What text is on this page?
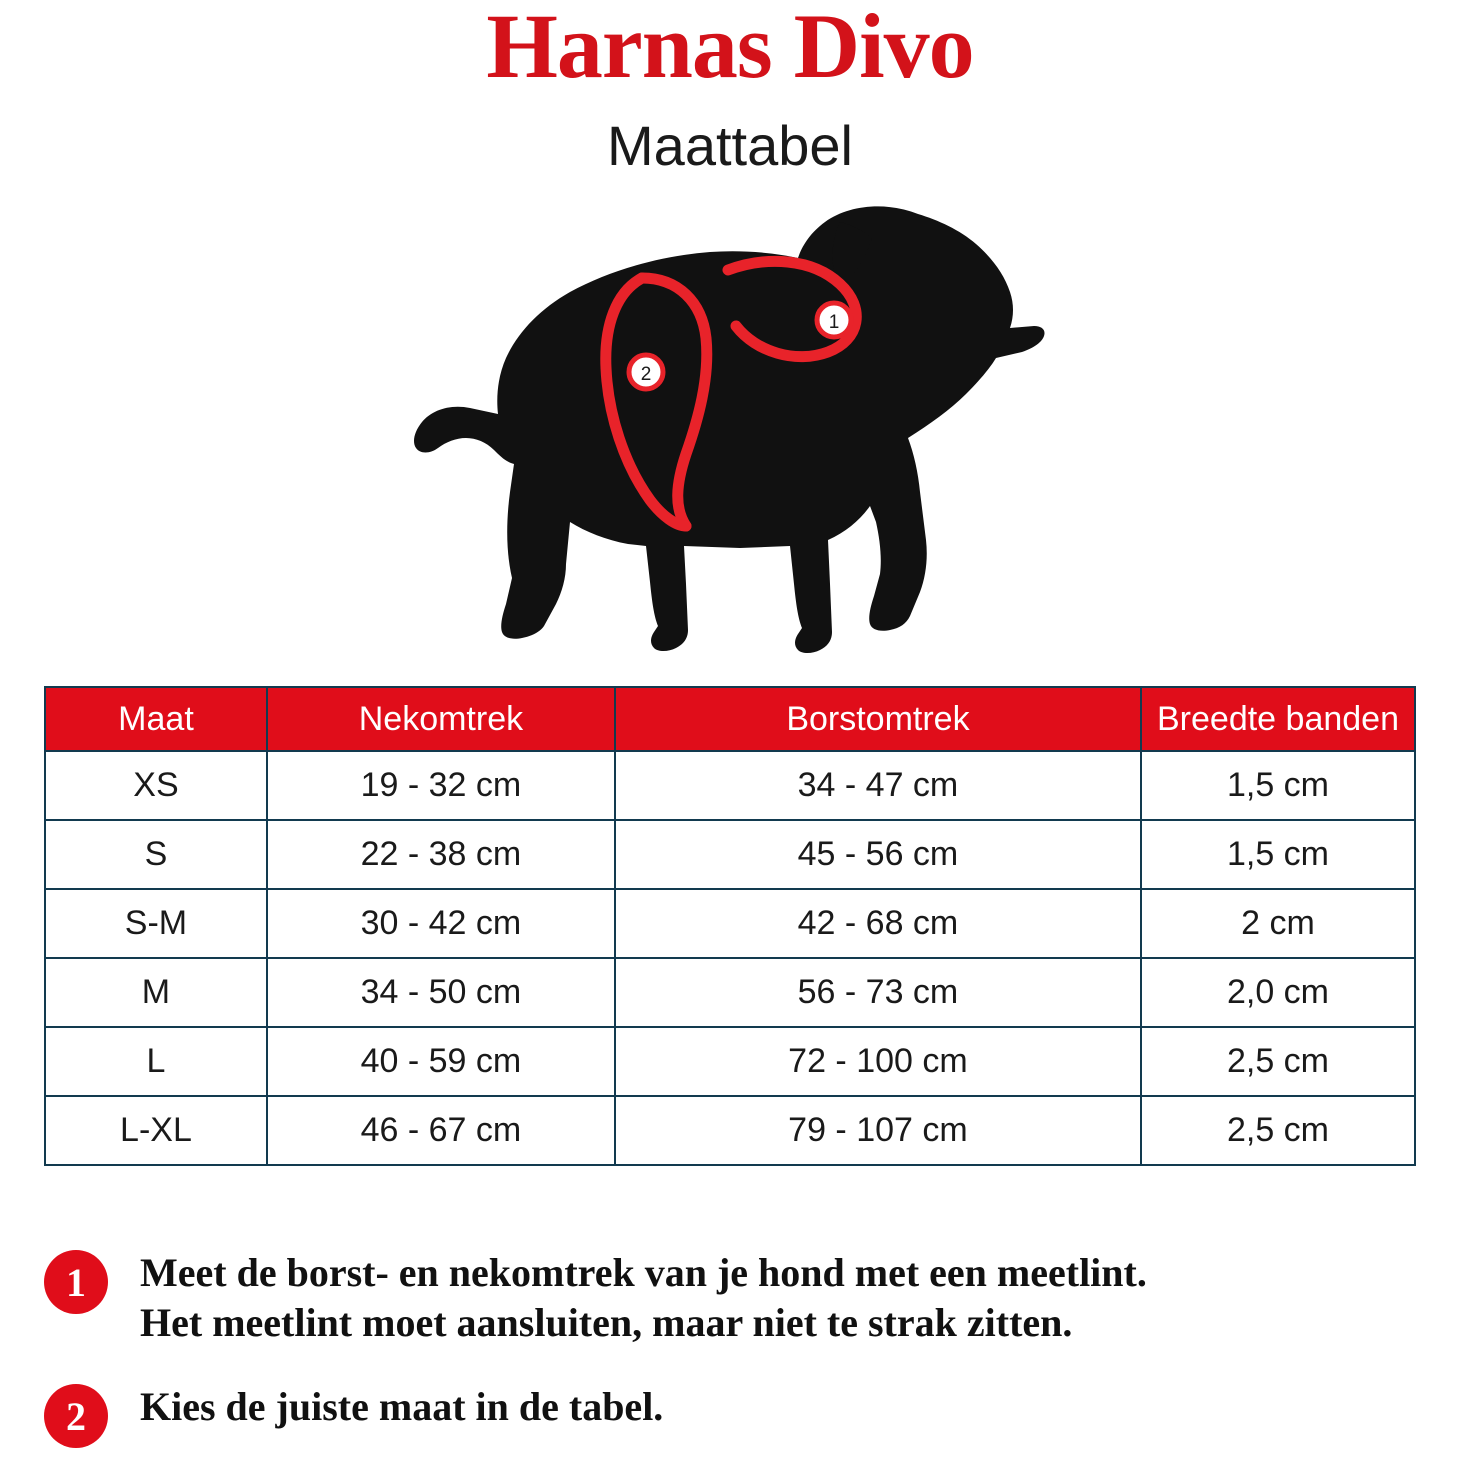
Harnas Divo
Maattabel
1
2
Maat	Nekomtrek	Borstomtrek	Breedte banden
XS	19 - 32 cm	34 - 47 cm	1,5 cm
S	22 - 38 cm	45 - 56 cm	1,5 cm
S-M	30 - 42 cm	42 - 68 cm	2 cm
M	34 - 50 cm	56 - 73 cm	2,0 cm
L	40 - 59 cm	72 - 100 cm	2,5 cm
L-XL	46 - 67 cm	79 - 107 cm	2,5 cm
1	Meet de borst- en nekomtrek van je hond met een meetlint.
Het meetlint moet aansluiten, maar niet te strak zitten.
2	Kies de juiste maat in de tabel.
